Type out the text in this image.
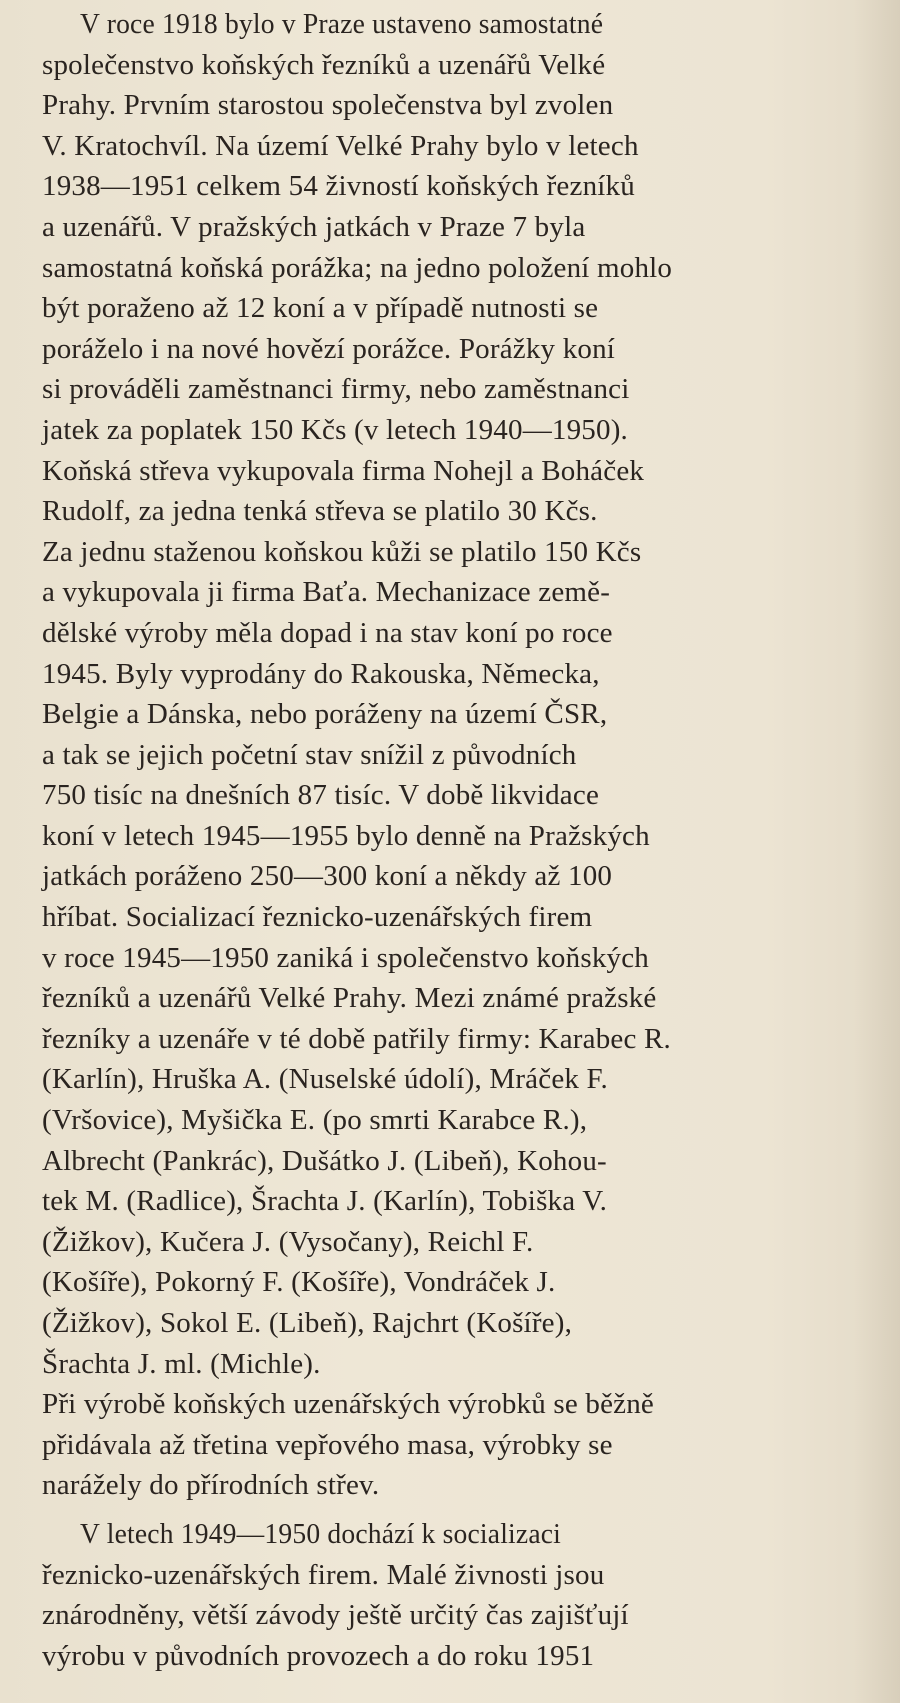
V roce 1918 bylo v Praze ustaveno samostatné
společenstvo koňských řezníků a uzenářů Velké
Prahy. Prvním starostou společenstva byl zvolen
V. Kratochvíl. Na území Velké Prahy bylo v letech
1938—1951 celkem 54 živností koňských řezníků
a uzenářů. V pražských jatkách v Praze 7 byla
samostatná koňská porážka; na jedno položení mohlo
být poraženo až 12 koní a v případě nutnosti se
poráželo i na nové hovězí porážce. Porážky koní
si prováděli zaměstnanci firmy, nebo zaměstnanci
jatek za poplatek 150 Kčs (v letech 1940—1950).
Koňská střeva vykupovala firma Nohejl a Boháček
Rudolf, za jedna tenká střeva se platilo 30 Kčs.
Za jednu staženou koňskou kůži se platilo 150 Kčs
a vykupovala ji firma Baťa. Mechanizace země-
dělské výroby měla dopad i na stav koní po roce
1945. Byly vyprodány do Rakouska, Německa,
Belgie a Dánska, nebo poráženy na území ČSR,
a tak se jejich početní stav snížil z původních
750 tisíc na dnešních 87 tisíc. V době likvidace
koní v letech 1945—1955 bylo denně na Pražských
jatkách poráženo 250—300 koní a někdy až 100
hříbat. Socializací řeznicko-uzenářských firem
v roce 1945—1950 zaniká i společenstvo koňských
řezníků a uzenářů Velké Prahy. Mezi známé pražské
řezníky a uzenáře v té době patřily firmy: Karabec R.
(Karlín), Hruška A. (Nuselské údolí), Mráček F.
(Vršovice), Myšička E. (po smrti Karabce R.),
Albrecht (Pankrác), Dušátko J. (Libeň), Kohou-
tek M. (Radlice), Šrachta J. (Karlín), Tobiška V.
(Žižkov), Kučera J. (Vysočany), Reichl F.
(Košíře), Pokorný F. (Košíře), Vondráček J.
(Žižkov), Sokol E. (Libeň), Rajchrt (Košíře),
Šrachta J. ml. (Michle).
Při výrobě koňských uzenářských výrobků se běžně
přidávala až třetina vepřového masa, výrobky se
narážely do přírodních střev.
V letech 1949—1950 dochází k socializaci
řeznicko-uzenářských firem. Malé živnosti jsou
znárodněny, větší závody ještě určitý čas zajišťují
výrobu v původních provozech a do roku 1951
